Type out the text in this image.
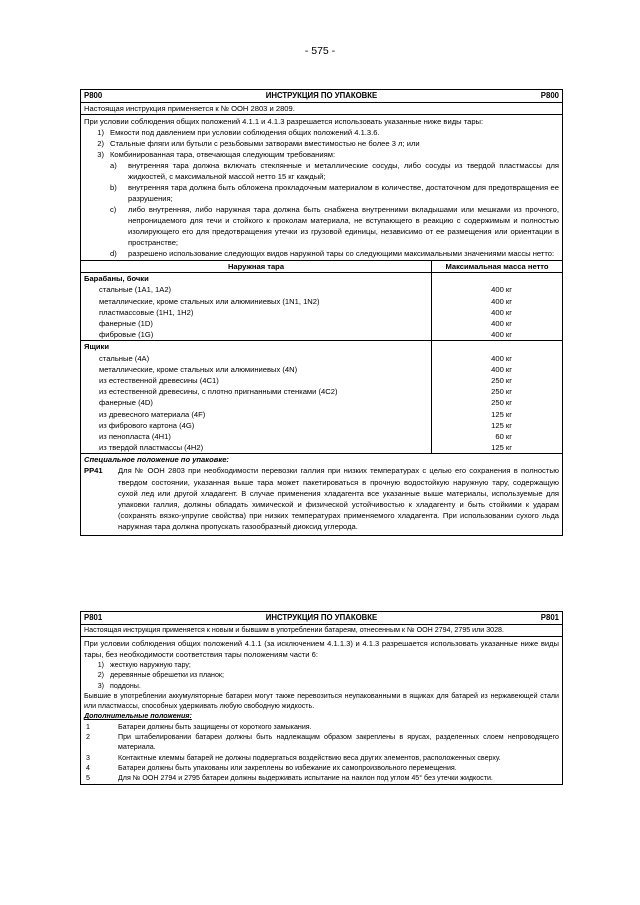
- 575 -
P800	ИНСТРУКЦИЯ ПО УПАКОВКЕ	P800
Настоящая инструкция применяется к № ООН 2803 и 2809.
При условии соблюдения общих положений 4.1.1 и 4.1.3 разрешается использовать указанные ниже виды тары:
1) Емкости под давлением при условии соблюдения общих положений 4.1.3.6.
2) Стальные фляги или бутыли с резьбовыми затворами вместимостью не более 3 л; или
3) Комбинированная тара, отвечающая следующим требованиям:
a)	внутренняя тара должна включать стеклянные и металлические сосуды, либо сосуды из твердой пластмассы для жидкостей, с максимальной массой нетто 15 кг каждый;
b)	внутренняя тара должна быть обложена прокладочным материалом в количестве, достаточном для предотвращения ее разрушения;
c)	либо внутренняя, либо наружная тара должна быть снабжена внутренними вкладышами или мешками из прочного, непроницаемого для течи и стойкого к проколам материала, не вступающего в реакцию с содержимым и полностью изолирующего его для предотвращения утечки из грузовой единицы, независимо от ее размещения или ориентации в пространстве;
d)	разрешено использование следующих видов наружной тары со следующими максимальными значениями массы нетто:
Наружная тара	Максимальная масса нетто
Барабаны, бочки	
стальные (1A1, 1A2)	400 кг
металлические, кроме стальных или алюминиевых (1N1, 1N2)	400 кг
пластмассовые (1H1, 1H2)	400 кг
фанерные (1D)	400 кг
фибровые (1G)	400 кг
Ящики	
стальные (4A)	400 кг
металлические, кроме стальных или алюминиевых (4N)	400 кг
из естественной древесины (4C1)	250 кг
из естественной древесины, с плотно пригнанными стенками (4C2)	250 кг
фанерные (4D)	250 кг
из древесного материала (4F)	125 кг
из фибрового картона (4G)	125 кг
из пенопласта (4H1)	60 кг
из твердой пластмассы (4H2)	125 кг
Специальное положение по упаковке:
PP41	Для № ООН 2803 при необходимости перевозки галлия при низких температурах с целью его сохранения в полностью твердом состоянии, указанная выше тара может пакетироваться в прочную водостойкую наружную тару, содержащую сухой лед или другой хладагент. В случае применения хладагента все указанные выше материалы, используемые для упаковки галлия, должны обладать химической и физической устойчивостью к хладагенту и быть стойкими к ударам (сохранять вязко-упругие свойства) при низких температурах применяемого хладагента. При использовании сухого льда наружная тара должна пропускать газообразный диоксид углерода.
P801	ИНСТРУКЦИЯ ПО УПАКОВКЕ	P801
Настоящая инструкция применяется к новым и бывшим в употреблении батареям, отнесенным к № ООН 2794, 2795 или 3028.
При условии соблюдения общих положений 4.1.1 (за исключением 4.1.1.3) и 4.1.3 разрешается использовать указанные ниже виды тары, без необходимости соответствия тары положениям части 6:
1) жесткую наружную тару;
2) деревянные обрешетки из планок;
3) поддоны.
Бывшие в употреблении аккумуляторные батареи могут также перевозиться неупакованными в ящиках для батарей из нержавеющей стали или пластмассы, способных удерживать любую свободную жидкость.
Дополнительные положения:
1	Батареи должны быть защищены от короткого замыкания.
2	При штабелировании батареи должны быть надлежащим образом закреплены в ярусах, разделенных слоем непроводящего материала.
3	Контактные клеммы батарей не должны подвергаться воздействию веса других элементов, расположенных сверху.
4	Батареи должны быть упакованы или закреплены во избежание их самопроизвольного перемещения.
5	Для № ООН 2794 и 2795 батареи должны выдерживать испытание на наклон под углом 45° без утечки жидкости.
